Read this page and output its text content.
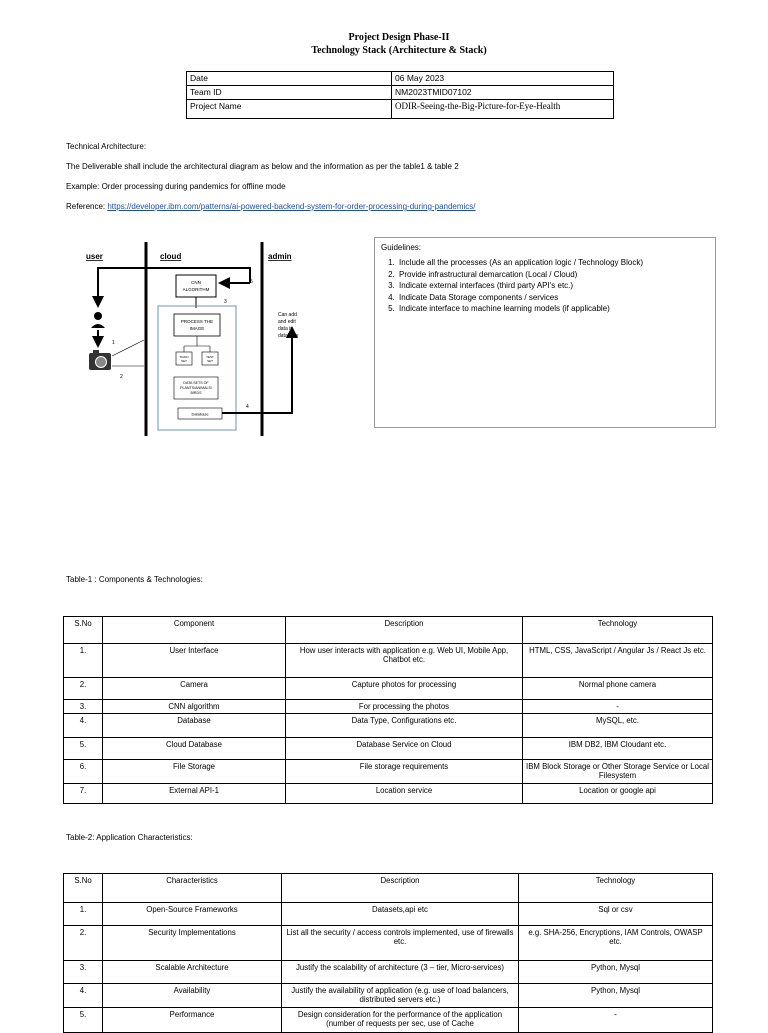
Project Design Phase-II
Technology Stack (Architecture & Stack)
Date	06 May 2023
Team ID	NM2023TMID07102
Project Name	ODIR-Seeing-the-Big-Picture-for-Eye-Health
Technical Architecture:
The Deliverable shall include the architectural diagram as below and the information as per the table1 & table 2
Example: Order processing during pandemics for offline mode
Reference: https://developer.ibm.com/patterns/ai-powered-backend-system-for-order-processing-during-pandemics/
user	cloud	admin
5
1
2
CNN
ALGORITHM
3
PROCESS THE
IMAGE
TRAIN
SET
TEST
SET
DATA SETS OF
PLANTS/ANIMALS/
BIRDS
Database
4
Can add
and edit
data in
database
Guidelines:
1. Include all the processes (As an application logic / Technology Block)
2. Provide infrastructural demarcation (Local / Cloud)
3. Indicate external interfaces (third party API's etc.)
4. Indicate Data Storage components / services
5. Indicate interface to machine learning models (if applicable)
Table-1 : Components & Technologies:
S.No	Component	Description	Technology
1.	User Interface	How user interacts with application e.g. Web UI, Mobile App, Chatbot etc.	HTML, CSS, JavaScript / Angular Js / React Js etc.
2.	Camera	Capture photos for processing	Normal phone camera
3.	CNN algorithm	For processing the photos	-
4.	Database	Data Type, Configurations etc.	MySQL, etc.
5.	Cloud Database	Database Service on Cloud	IBM DB2, IBM Cloudant etc.
6.	File Storage	File storage requirements	IBM Block Storage or Other Storage Service or Local Filesystem
7.	External API-1	Location service	Location or google api
Table-2: Application Characteristics:
S.No	Characteristics	Description	Technology
1.	Open-Source Frameworks	Datasets,api etc	Sql or csv
2.	Security Implementations	List all the security / access controls implemented, use of firewalls etc.	e.g. SHA-256, Encryptions, IAM Controls, OWASP etc.
3.	Scalable Architecture	Justify the scalability of architecture (3 – tier, Micro-services)	Python, Mysql
4.	Availability	Justify the availability of application (e.g. use of load balancers, distributed servers etc.)	Python, Mysql
5.	Performance	Design consideration for the performance of the application (number of requests per sec, use of Cache	-
